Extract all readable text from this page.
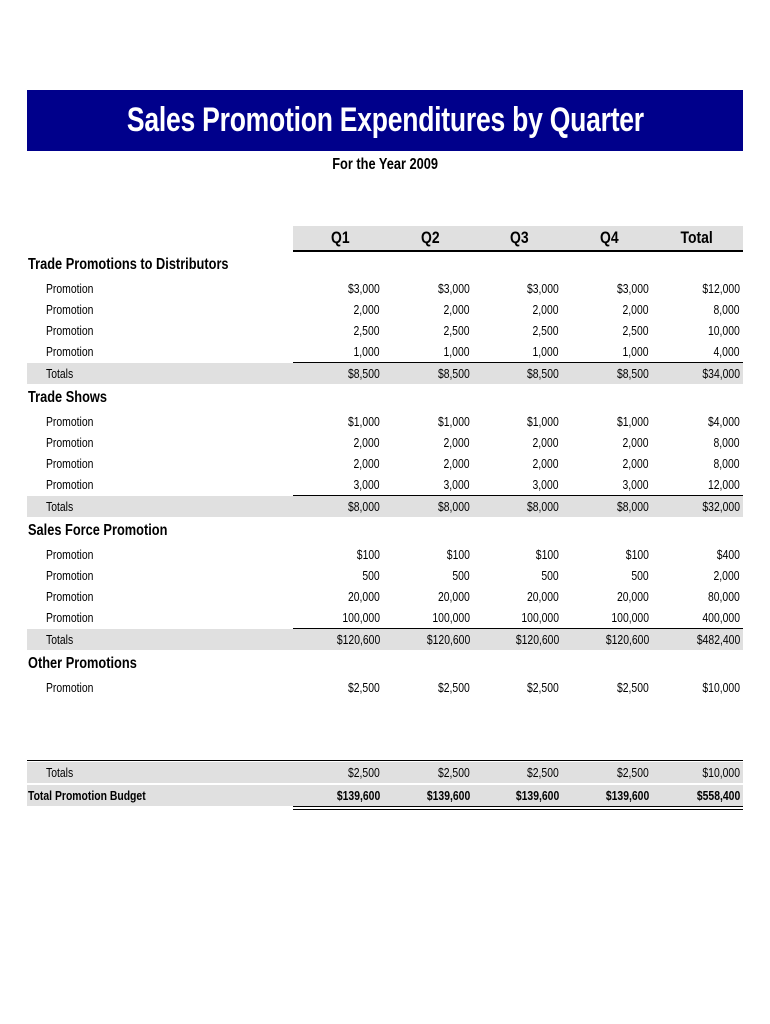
Sales Promotion Expenditures by Quarter
For the Year 2009
Q1	Q2	Q3	Q4	Total
Trade Promotions to Distributors
Promotion	$3,000	$3,000	$3,000	$3,000	$12,000
Promotion	2,000	2,000	2,000	2,000	8,000
Promotion	2,500	2,500	2,500	2,500	10,000
Promotion	1,000	1,000	1,000	1,000	4,000
Totals	$8,500	$8,500	$8,500	$8,500	$34,000
Trade Shows
Promotion	$1,000	$1,000	$1,000	$1,000	$4,000
Promotion	2,000	2,000	2,000	2,000	8,000
Promotion	2,000	2,000	2,000	2,000	8,000
Promotion	3,000	3,000	3,000	3,000	12,000
Totals	$8,000	$8,000	$8,000	$8,000	$32,000
Sales Force Promotion
Promotion	$100	$100	$100	$100	$400
Promotion	500	500	500	500	2,000
Promotion	20,000	20,000	20,000	20,000	80,000
Promotion	100,000	100,000	100,000	100,000	400,000
Totals	$120,600	$120,600	$120,600	$120,600	$482,400
Other Promotions
Promotion	$2,500	$2,500	$2,500	$2,500	$10,000
Totals	$2,500	$2,500	$2,500	$2,500	$10,000
Total Promotion Budget	$139,600	$139,600	$139,600	$139,600	$558,400
